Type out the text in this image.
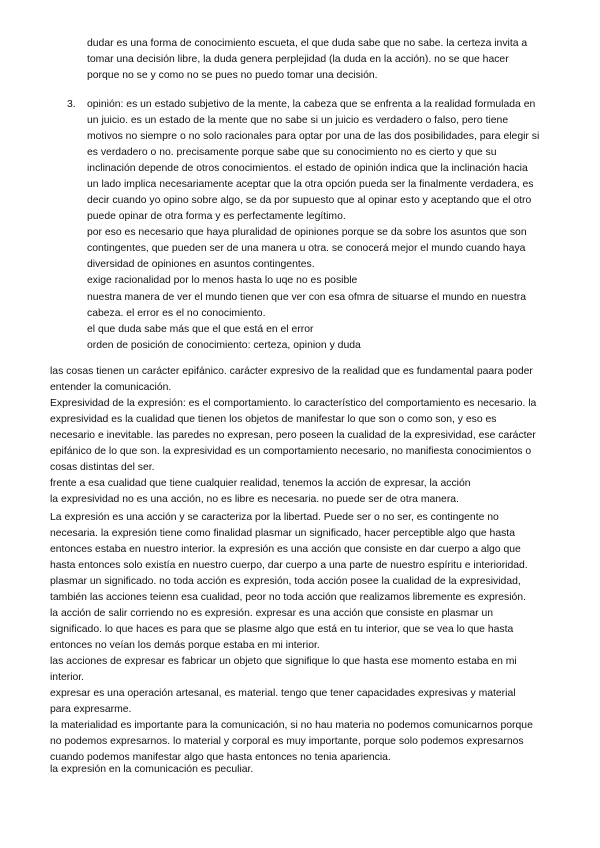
dudar es una forma de conocimiento escueta, el que duda sabe que no sabe. la certeza invita a
tomar una decisión libre, la duda genera perplejidad (la duda en la acción). no se que hacer
porque no se y como no se pues no puedo tomar una decisión.

3. opinión: es un estado subjetivo de la mente, la cabeza que se enfrenta a la realidad formulada en
un juicio. es un estado de la mente que no sabe si un juicio es verdadero o falso, pero tiene
motivos no siempre o no solo racionales para optar por una de las dos posibilidades, para elegir si
es verdadero o no. precisamente porque sabe que su conocimiento no es cierto y que su
inclinación depende de otros conocimientos. el estado de opinión indica que la inclinación hacia
un lado implica necesariamente aceptar que la otra opción pueda ser la finalmente verdadera, es
decir cuando yo opino sobre algo, se da por supuesto que al opinar esto y aceptando que el otro
puede opinar de otra forma y es perfectamente legítimo.
por eso es necesario que haya pluralidad de opiniones porque se da sobre los asuntos que son
contingentes, que pueden ser de una manera u otra. se conocerá mejor el mundo cuando haya
diversidad de opiniones en asuntos contingentes.
exige racionalidad por lo menos hasta lo uqe no es posible

nuestra manera de ver el mundo tienen que ver con esa ofmra de situarse el mundo en nuestra
cabeza. el error es el no conocimiento.
el que duda sabe más que el que está en el error
orden de posición de conocimiento: certeza, opinion y duda

las cosas tienen un carácter epifánico. carácter expresivo de la realidad que es fundamental paara poder
entender la comunicación.
Expresividad de la expresión: es el comportamiento. lo característico del comportamiento es necesario. la
expresividad es la cualidad que tienen los objetos de manifestar lo que son o como son, y eso es
necesario e inevitable. las paredes no expresan, pero poseen la cualidad de la expresividad, ese carácter
epifánico de lo que son. la expresividad es un comportamiento necesario, no manifiesta conocimientos o
cosas distintas del ser.
frente a esa cualidad que tiene cualquier realidad, tenemos la acción de expresar, la acción
la expresividad no es una acción, no es libre es necesaria. no puede ser de otra manera.

La expresión es una acción y se caracteriza por la libertad. Puede ser o no ser, es contingente no
necesaria. la expresión tiene como finalidad plasmar un significado, hacer perceptible algo que hasta
entonces estaba en nuestro interior. la expresión es una acción que consiste en dar cuerpo a algo que
hasta entonces solo existía en nuestro cuerpo, dar cuerpo a una parte de nuestro espíritu e interioridad.
plasmar un significado. no toda acción es expresión, toda acción posee la cualidad de la expresividad,
también las acciones teienn esa cualidad, peor no toda acción que realizamos libremente es expresión.
la acción de salir corriendo no es expresión. expresar es una acción que consiste en plasmar un
significado. lo que haces es para que se plasme algo que está en tu interior, que se vea lo que hasta
entonces no veían los demás porque estaba en mi interior.
las acciones de expresar es fabricar un objeto que signifique lo que hasta ese momento estaba en mi
interior.
expresar es una operación artesanal, es material. tengo que tener capacidades expresivas y material
para expresarme.
la materialidad es importante para la comunicación, si no hau materia no podemos comunicarnos porque
no podemos expresarnos. lo material y corporal es muy importante, porque solo podemos expresarnos
cuando podemos manifestar algo que hasta entonces no tenia apariencia.

la expresión en la comunicación es peculiar.
